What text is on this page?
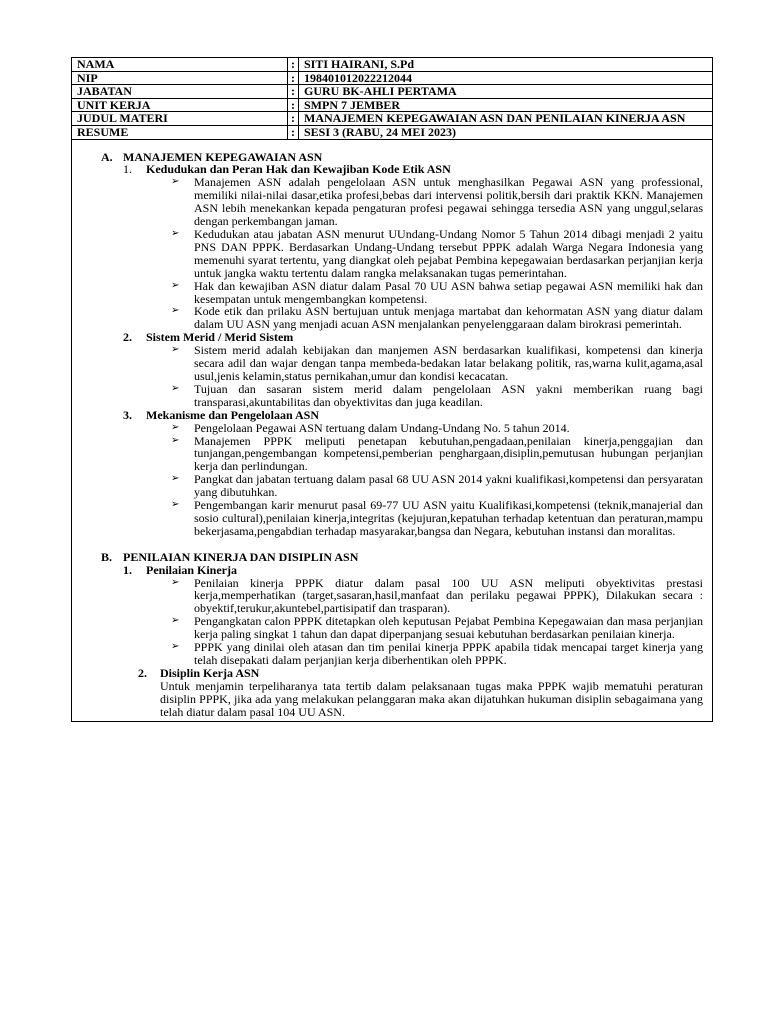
NAMA	:	SITI HAIRANI, S.Pd
NIP	:	198401012022212044
JABATAN	:	GURU BK-AHLI PERTAMA
UNIT KERJA	:	SMPN 7 JEMBER
JUDUL MATERI	:	MANAJEMEN KEPEGAWAIAN ASN DAN PENILAIAN KINERJA ASN
RESUME	:	SESI 3 (RABU, 24 MEI 2023)
A. MANAJEMEN KEPEGAWAIAN ASN
1. Kedudukan dan Peran Hak dan Kewajiban Kode Etik ASN
➢ Manajemen ASN adalah pengelolaan ASN untuk menghasilkan Pegawai ASN yang professional, memiliki nilai-nilai dasar,etika profesi,bebas dari intervensi politik,bersih dari praktik KKN. Manajemen ASN lebih menekankan kepada pengaturan profesi pegawai sehingga tersedia ASN yang unggul,selaras dengan perkembangan jaman.
➢ Kedudukan atau jabatan ASN menurut UUndang-Undang Nomor 5 Tahun 2014 dibagi menjadi 2 yaitu PNS DAN PPPK. Berdasarkan Undang-Undang tersebut PPPK adalah Warga Negara Indonesia yang memenuhi syarat tertentu, yang diangkat oleh pejabat Pembina kepegawaian berdasarkan perjanjian kerja untuk jangka waktu tertentu dalam rangka melaksanakan tugas pemerintahan.
➢ Hak dan kewajiban ASN diatur dalam Pasal 70 UU ASN bahwa setiap pegawai ASN memiliki hak dan kesempatan untuk mengembangkan kompetensi.
➢ Kode etik dan prilaku ASN bertujuan untuk menjaga martabat dan kehormatan ASN yang diatur dalam dalam UU ASN yang menjadi acuan ASN menjalankan penyelenggaraan dalam birokrasi pemerintah.
2. Sistem Merid / Merid Sistem
➢ Sistem merid adalah kebijakan dan manjemen ASN berdasarkan kualifikasi, kompetensi dan kinerja secara adil dan wajar dengan tanpa membeda-bedakan latar belakang politik, ras,warna kulit,agama,asal usul,jenis kelamin,status pernikahan,umur dan kondisi kecacatan.
➢ Tujuan dan sasaran sistem merid dalam pengelolaan ASN yakni memberikan ruang bagi transparasi,akuntabilitas dan obyektivitas dan juga keadilan.
3. Mekanisme dan Pengelolaan ASN
➢ Pengelolaan Pegawai ASN tertuang dalam Undang-Undang No. 5 tahun 2014.
➢ Manajemen PPPK meliputi penetapan kebutuhan,pengadaan,penilaian kinerja,penggajian dan tunjangan,pengembangan kompetensi,pemberian penghargaan,disiplin,pemutusan hubungan perjanjian kerja dan perlindungan.
➢ Pangkat dan jabatan tertuang dalam pasal 68 UU ASN 2014 yakni kualifikasi,kompetensi dan persyaratan yang dibutuhkan.
➢ Pengembangan karir menurut pasal 69-77 UU ASN yaitu Kualifikasi,kompetensi (teknik,manajerial dan sosio cultural),penilaian kinerja,integritas (kejujuran,kepatuhan terhadap ketentuan dan peraturan,mampu bekerjasama,pengabdian terhadap masyarakar,bangsa dan Negara, kebutuhan instansi dan moralitas.
B. PENILAIAN KINERJA DAN DISIPLIN ASN
1. Penilaian Kinerja
➢ Penilaian kinerja PPPK diatur dalam pasal 100 UU ASN meliputi obyektivitas prestasi kerja,memperhatikan (target,sasaran,hasil,manfaat dan perilaku pegawai PPPK), Dilakukan secara : obyektif,terukur,akuntebel,partisipatif dan trasparan).
➢ Pengangkatan calon PPPK ditetapkan oleh keputusan Pejabat Pembina Kepegawaian dan masa perjanjian kerja paling singkat 1 tahun dan dapat diperpanjang sesuai kebutuhan berdasarkan penilaian kinerja.
➢ PPPK yang dinilai oleh atasan dan tim penilai kinerja PPPK apabila tidak mencapai target kinerja yang telah disepakati dalam perjanjian kerja diberhentikan oleh PPPK.
2. Disiplin Kerja ASN
Untuk menjamin terpeliharanya tata tertib dalam pelaksanaan tugas maka PPPK wajib mematuhi peraturan disiplin PPPK, jika ada yang melakukan pelanggaran maka akan dijatuhkan hukuman disiplin sebagaimana yang telah diatur dalam pasal 104 UU ASN.
